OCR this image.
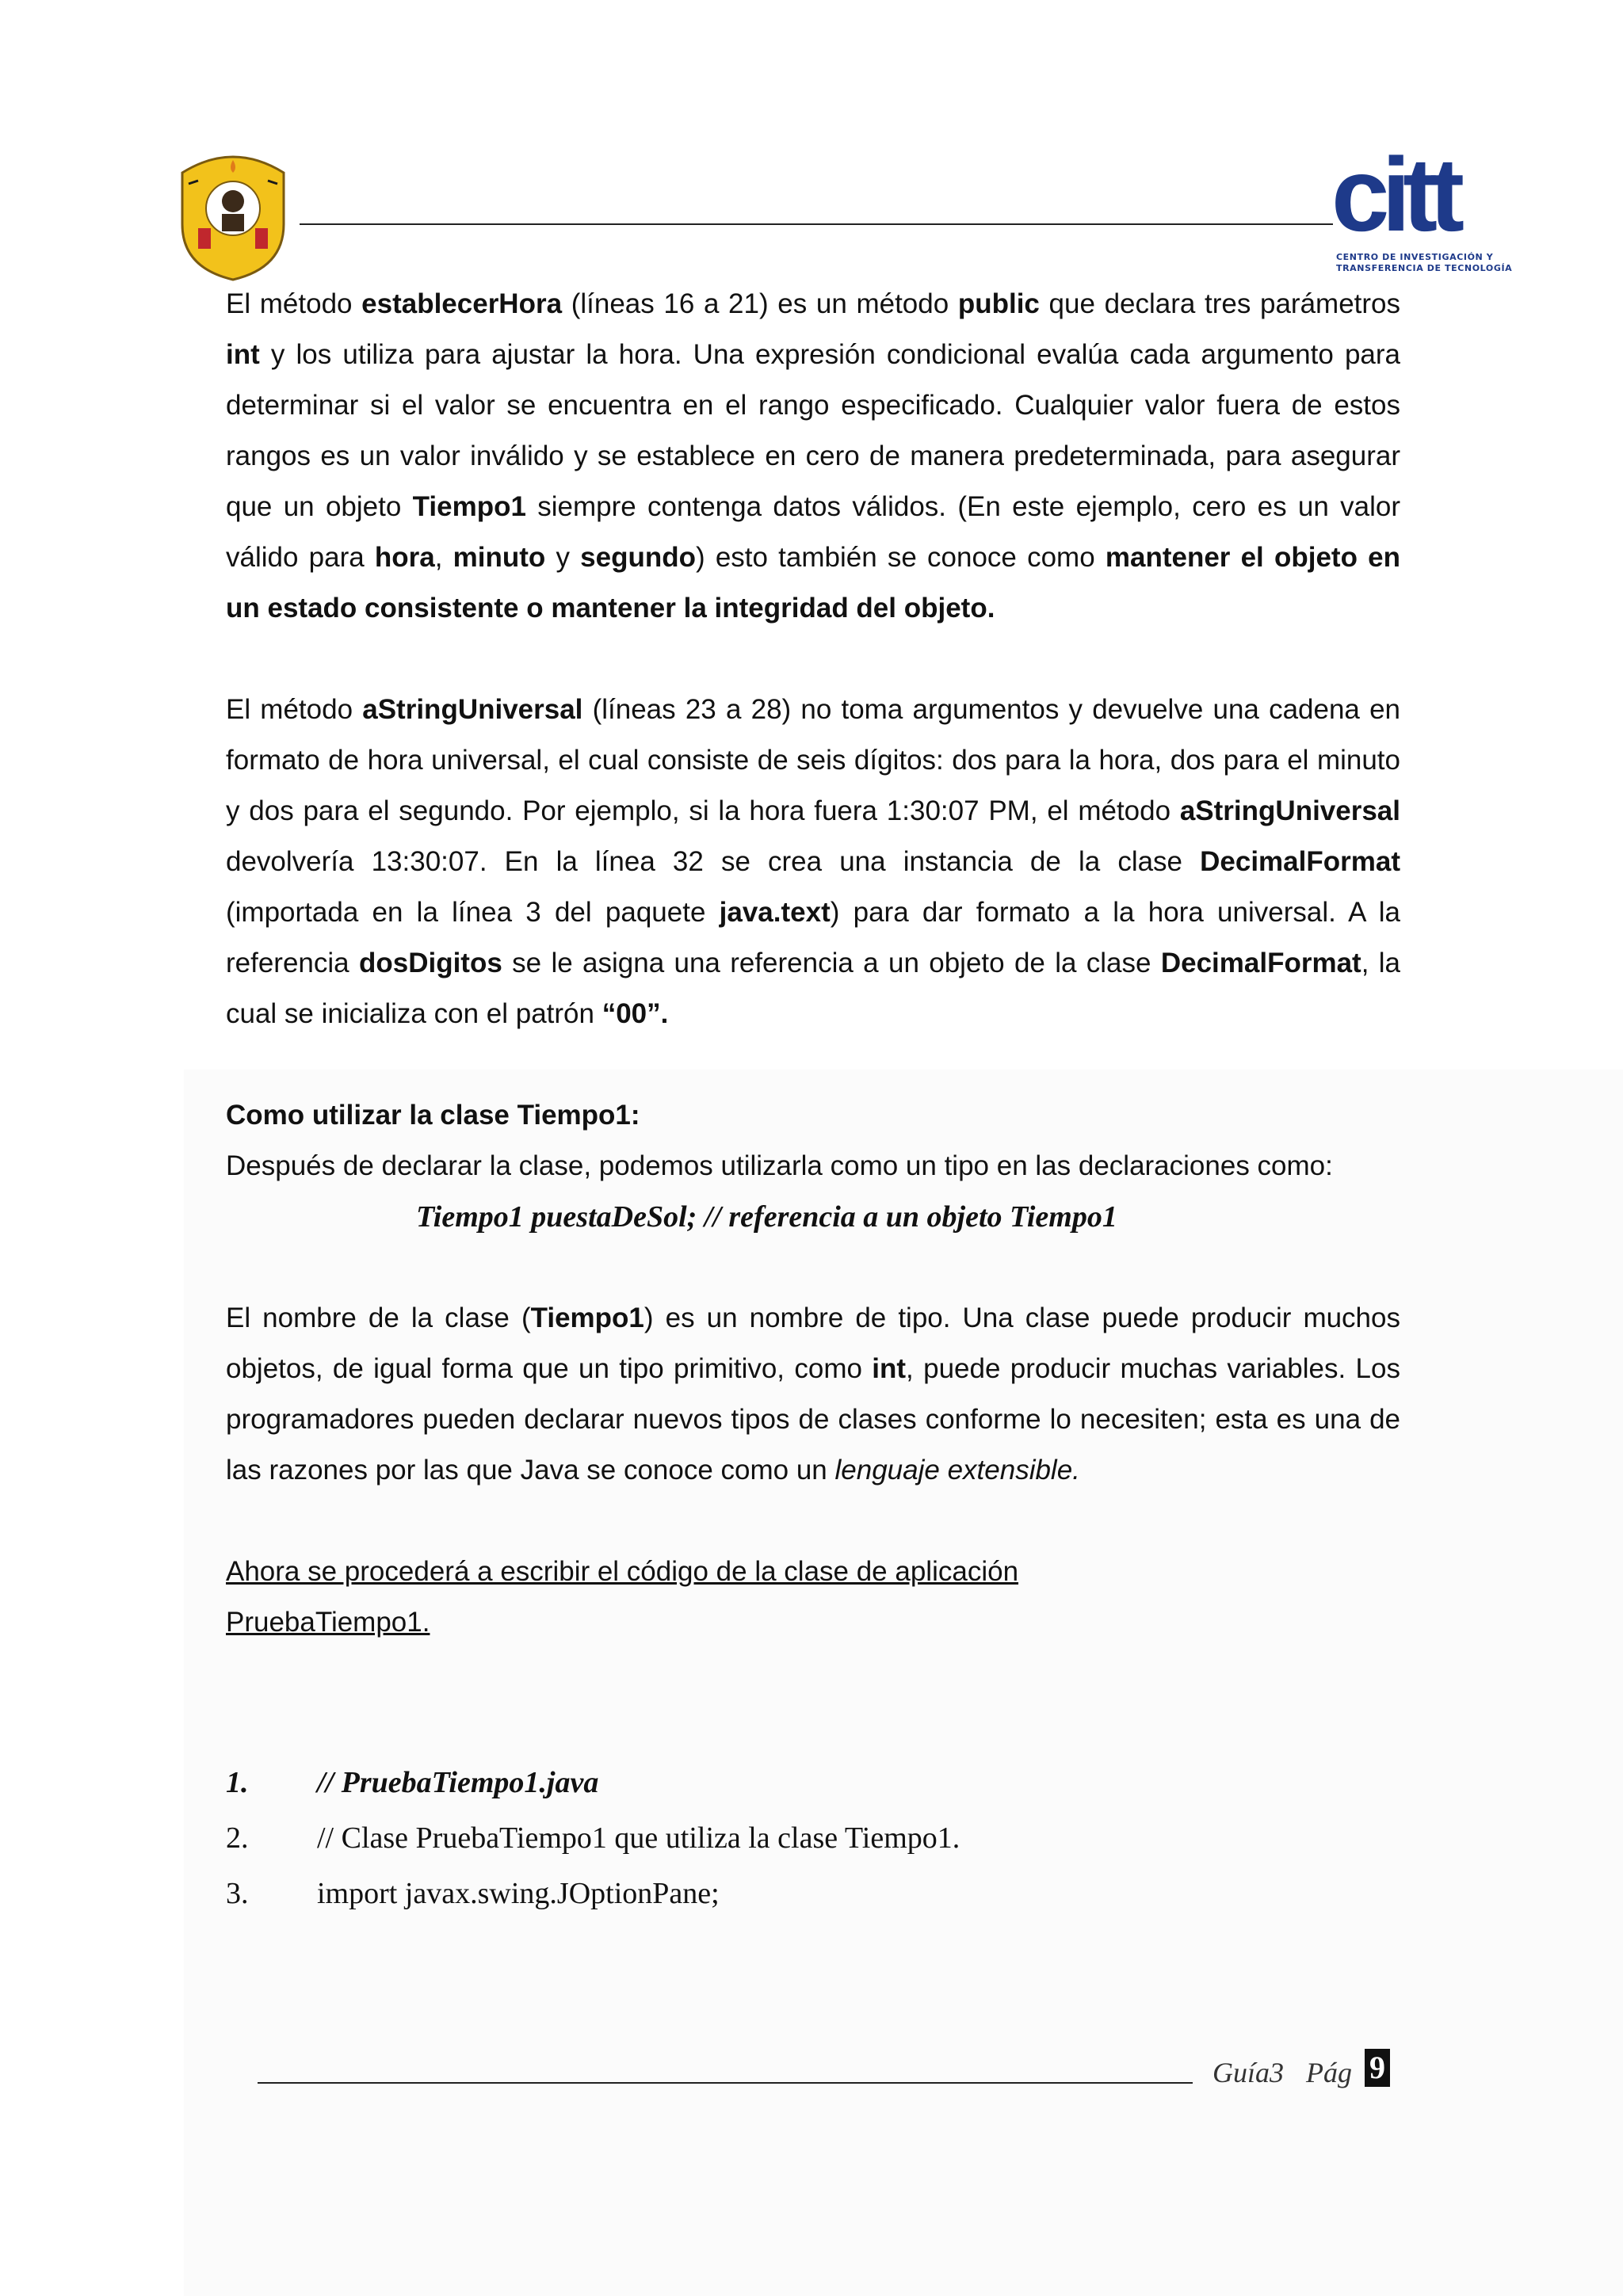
citt
CENTRO DE INVESTIGACIÓN Y
TRANSFERENCIA DE TECNOLOGÍA

El método establecerHora (líneas 16 a 21) es un método public que declara tres parámetros int y los utiliza para ajustar la hora. Una expresión condicional evalúa cada argumento para determinar si el valor se encuentra en el rango especificado. Cualquier valor fuera de estos rangos es un valor inválido y se establece en cero de manera predeterminada, para asegurar que un objeto Tiempo1 siempre contenga datos válidos. (En este ejemplo, cero es un valor válido para hora, minuto y segundo) esto también se conoce como mantener el objeto en un estado consistente o mantener la integridad del objeto.

El método aStringUniversal (líneas 23 a 28) no toma argumentos y devuelve una cadena en formato de hora universal, el cual consiste de seis dígitos: dos para la hora, dos para el minuto y dos para el segundo. Por ejemplo, si la hora fuera 1:30:07 PM, el método aStringUniversal devolvería 13:30:07. En la línea 32 se crea una instancia de la clase DecimalFormat (importada en la línea 3 del paquete java.text) para dar formato a la hora universal. A la referencia dosDigitos se le asigna una referencia a un objeto de la clase DecimalFormat, la cual se inicializa con el patrón “00”.

Como utilizar la clase Tiempo1:

Después de declarar la clase, podemos utilizarla como un tipo en las declaraciones como:

Tiempo1 puestaDeSol; // referencia a un objeto Tiempo1

El nombre de la clase (Tiempo1) es un nombre de tipo. Una clase puede producir muchos objetos, de igual forma que un tipo primitivo, como int, puede producir muchas variables. Los programadores pueden declarar nuevos tipos de clases conforme lo necesiten; esta es una de las razones por las que Java se conoce como un lenguaje extensible.

Ahora se procederá a escribir el código de la clase de aplicación

PruebaTiempo1.

1. // PruebaTiempo1.java
2. // Clase PruebaTiempo1 que utiliza la clase Tiempo1.
3. import javax.swing.JOptionPane;
Guía3 Pág 9
